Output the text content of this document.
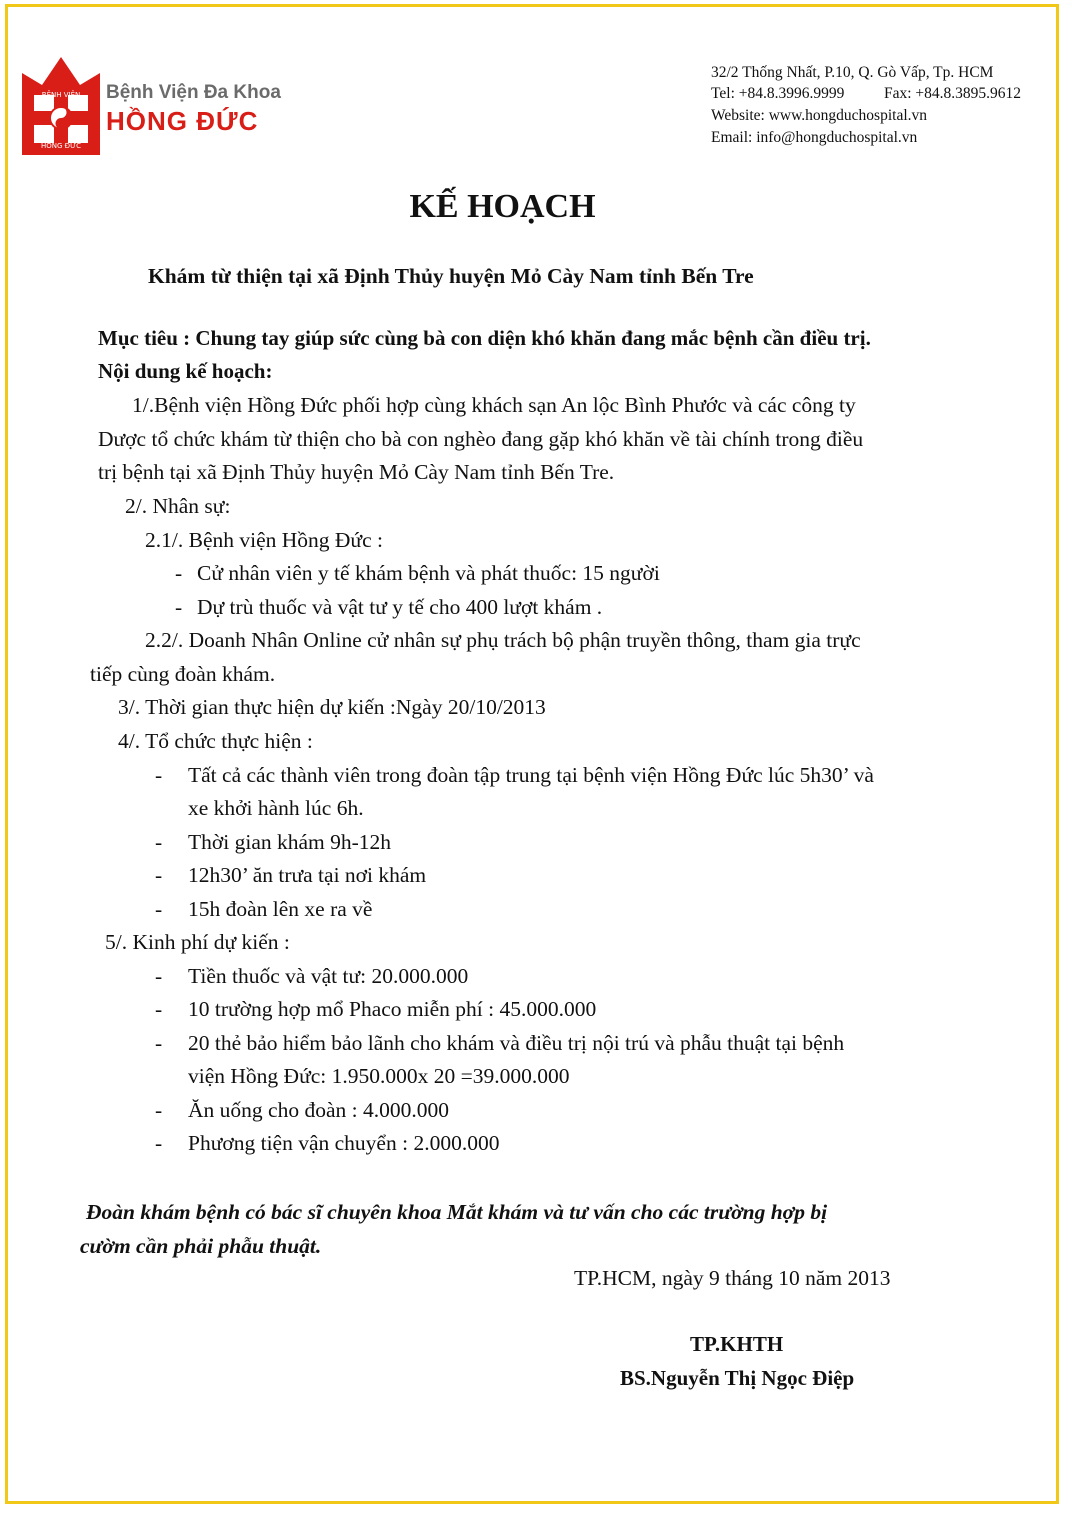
BỆNH VIỆN
HỒNG ĐỨC
Bệnh Viện Đa Khoa
HỒNG ĐỨC
32/2 Thống Nhất, P.10, Q. Gò Vấp, Tp. HCM
Tel: +84.8.3996.9999	Fax: +84.8.3895.9612
Website: www.hongduchospital.vn
Email: info@hongduchospital.vn
KẾ HOẠCH
Khám từ thiện tại xã Định Thủy huyện Mỏ Cày Nam tỉnh Bến Tre
Mục tiêu : Chung tay giúp sức cùng bà con diện khó khăn đang mắc bệnh cần điều trị.
Nội dung kế hoạch:
1/.Bệnh viện Hồng Đức phối hợp cùng khách sạn An lộc Bình Phước và các công ty
Dược tổ chức khám từ thiện cho bà con nghèo đang gặp khó khăn về tài chính trong điều
trị bệnh tại xã Định Thủy huyện Mỏ Cày Nam tỉnh Bến Tre.
2/. Nhân sự:
2.1/. Bệnh viện Hồng Đức :
- Cử nhân viên y tế khám bệnh và phát thuốc: 15 người
- Dự trù thuốc và vật tư y tế cho 400 lượt khám .
2.2/. Doanh Nhân Online cử nhân sự phụ trách bộ phận truyền thông, tham gia trực
tiếp cùng đoàn khám.
3/. Thời gian thực hiện dự kiến :Ngày 20/10/2013
4/. Tổ chức thực hiện :
- Tất cả các thành viên trong đoàn tập trung tại bệnh viện Hồng Đức lúc 5h30’ và
xe khởi hành lúc 6h.
- Thời gian khám 9h-12h
- 12h30’ ăn trưa tại nơi khám
- 15h đoàn lên xe ra về
5/. Kinh phí dự kiến :
- Tiền thuốc và vật tư: 20.000.000
- 10 trường hợp mổ Phaco miễn phí : 45.000.000
- 20 thẻ bảo hiểm bảo lãnh cho khám và điều trị nội trú và phẫu thuật tại bệnh
viện Hồng Đức: 1.950.000x 20 =39.000.000
- Ăn uống cho đoàn : 4.000.000
- Phương tiện vận chuyển : 2.000.000
Đoàn khám bệnh có bác sĩ chuyên khoa Mắt khám và tư vấn cho các trường hợp bị
cườm cần phải phẫu thuật.
TP.HCM, ngày 9 tháng 10 năm 2013
TP.KHTH
BS.Nguyễn Thị Ngọc Điệp
